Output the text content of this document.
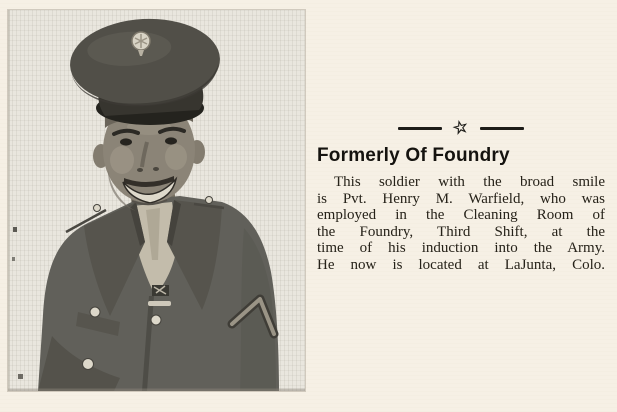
☆
Formerly Of Foundry
This soldier with the broad smile
is Pvt. Henry M. Warfield, who was
employed in the Cleaning Room of
the Foundry, Third Shift, at the
time of his induction into the Army.
He now is located at LaJunta, Colo.
